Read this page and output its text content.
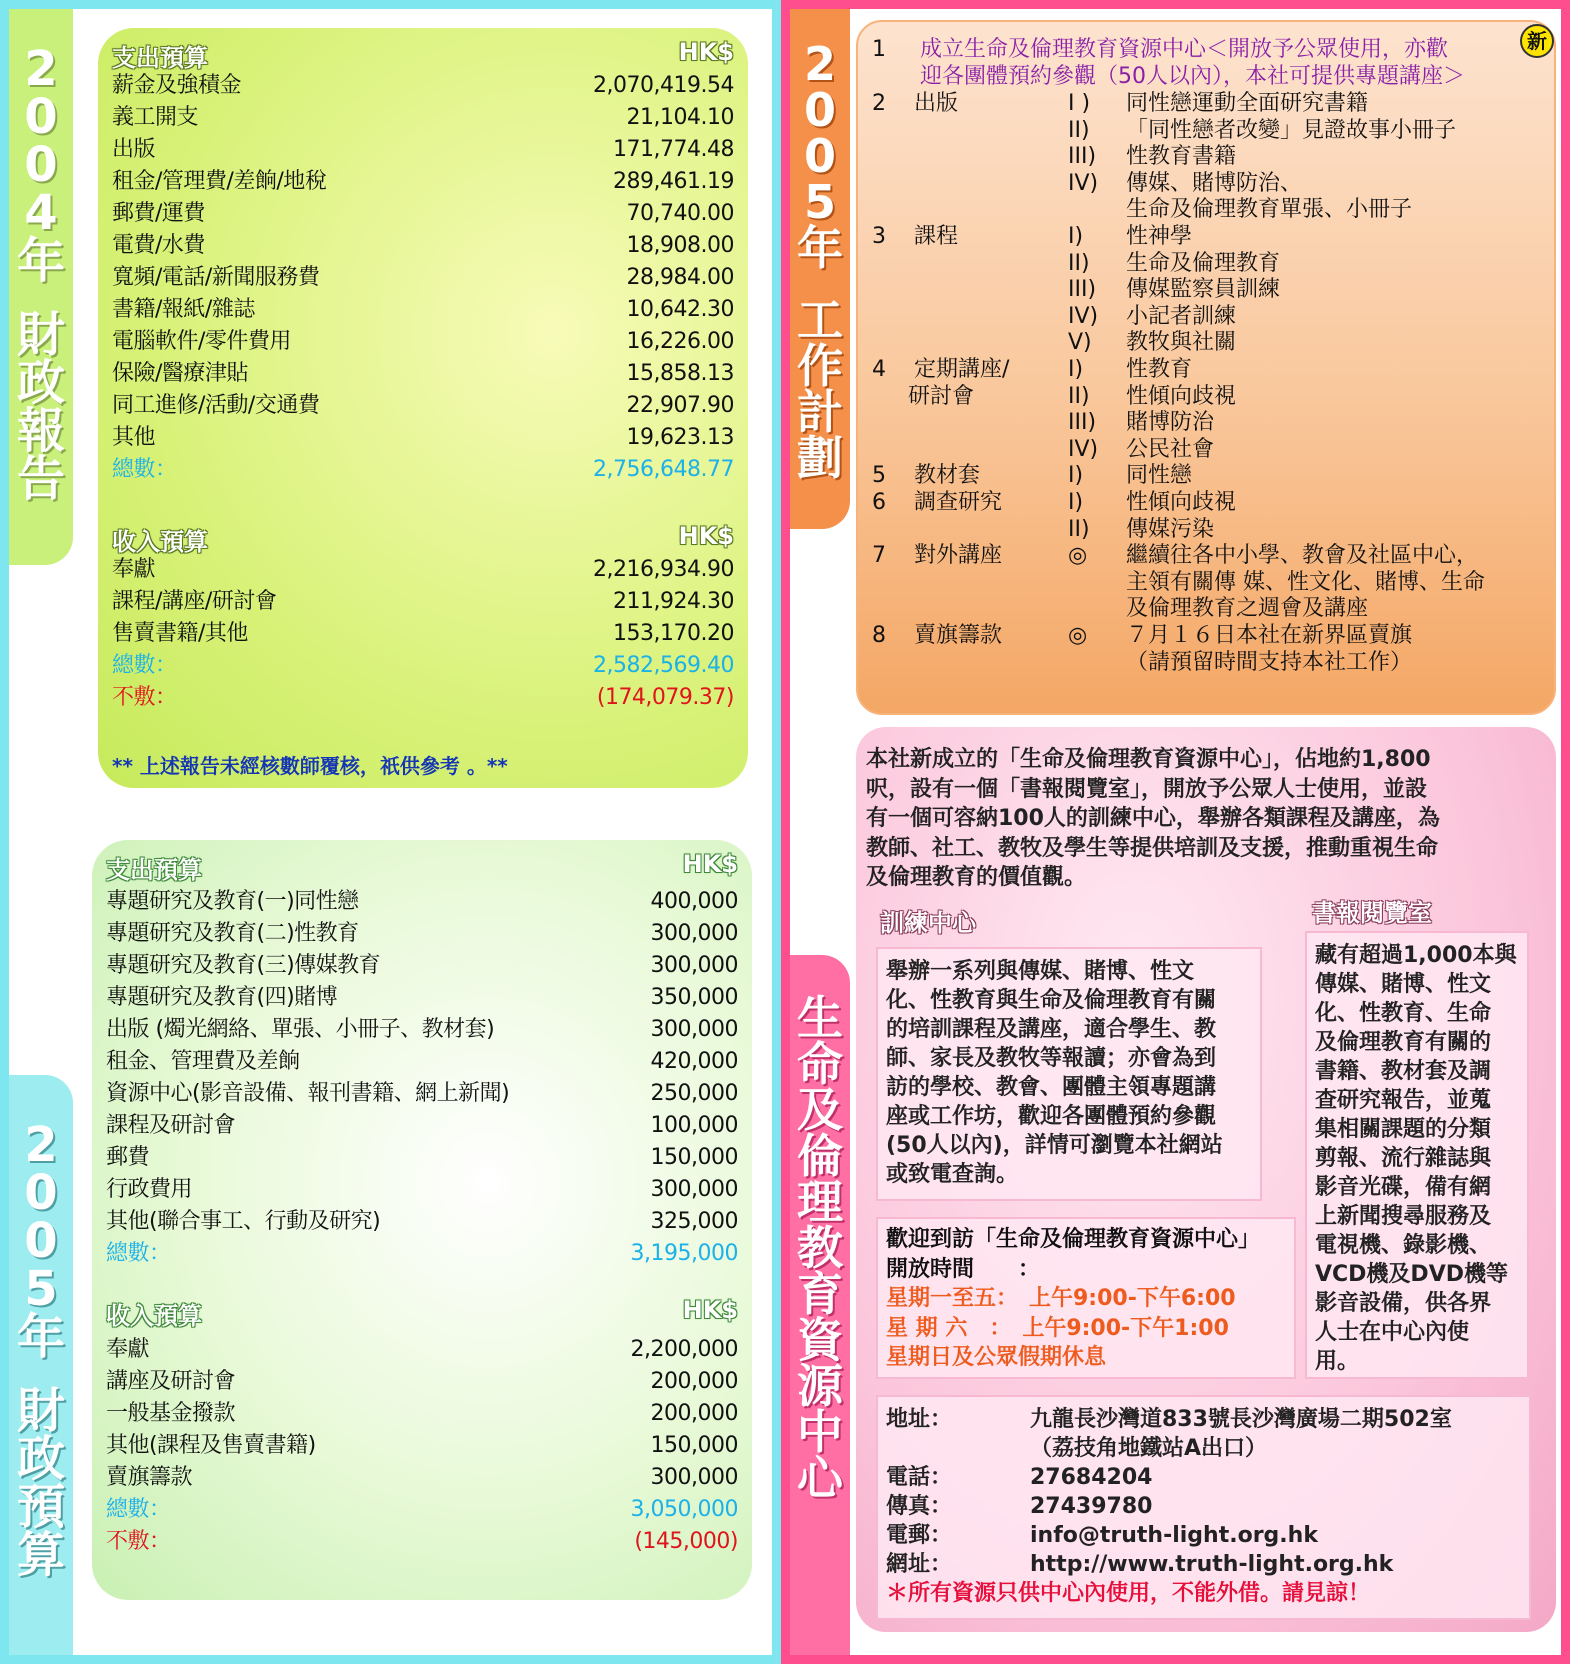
2
0
0
4
年
財
政
報
告
2
0
0
5
年
財
政
預
算
2
0
0
5
年
工
作
計
劃
生
命
及
倫
理
教
育
資
源
中
心
支出預算	HK$
薪金及強積金	2,070,419.54
義工開支	21,104.10
出版	171,774.48
租金/管理費/差餉/地稅	289,461.19
郵費/運費	70,740.00
電費/水費	18,908.00
寬頻/電話/新聞服務費	28,984.00
書籍/報紙/雜誌	10,642.30
電腦軟件/零件費用	16,226.00
保險/醫療津貼	15,858.13
同工進修/活動/交通費	22,907.90
其他	19,623.13
總數：	2,756,648.77
收入預算	HK$
奉獻	2,216,934.90
課程/講座/研討會	211,924.30
售賣書籍/其他	153,170.20
總數：	2,582,569.40
不敷：	(174,079.37)
** 上述報告未經核數師覆核，祇供參考 。**
支出預算	HK$
專題研究及教育(一)同性戀	400,000
專題研究及教育(二)性教育	300,000
專題研究及教育(三)傳媒教育	300,000
專題研究及教育(四)賭博	350,000
出版 (燭光網絡、單張、小冊子、教材套)	300,000
租金、管理費及差餉	420,000
資源中心(影音設備、報刊書籍、網上新聞)	250,000
課程及研討會	100,000
郵費	150,000
行政費用	300,000
其他(聯合事工、行動及研究)	325,000
總數：	3,195,000
收入預算	HK$
奉獻	2,200,000
講座及研討會	200,000
一般基金撥款	200,000
其他(課程及售賣書籍)	150,000
賣旗籌款	300,000
總數：	3,050,000
不敷：	(145,000)
1 成立生命及倫理教育資源中心＜開放予公眾使用，亦歡
迎各團體預約參觀（50人以內），本社可提供專題講座＞
2 出版	I ) 同性戀運動全面研究書籍
II) 「同性戀者改變」見證故事小冊子
III) 性教育書籍
IV) 傳媒、賭博防治、
生命及倫理教育單張、小冊子
3 課程	I) 性神學
II) 生命及倫理教育
III) 傳媒監察員訓練
IV) 小記者訓練
V) 教牧與社關
4 定期講座/	I) 性教育
研討會	II) 性傾向歧視
III) 賭博防治
IV) 公民社會
5 教材套	I) 同性戀
6 調查研究	I) 性傾向歧視
II) 傳媒污染
7 對外講座	◎ 繼續往各中小學、教會及社區中心，
主領有關傳 媒、性文化、賭博、生命
及倫理教育之週會及講座
8 賣旗籌款	◎ ７月１６日本社在新界區賣旗
（請預留時間支持本社工作）
新
本社新成立的「生命及倫理教育資源中心」，佔地約1,800
呎，設有一個「書報閱覽室」，開放予公眾人士使用，並設
有一個可容納100人的訓練中心，舉辦各類課程及講座，為
教師、社工、教牧及學生等提供培訓及支援，推動重視生命
及倫理教育的價值觀。
訓練中心
舉辦一系列與傳媒、賭博、性文
化、性教育與生命及倫理教育有關
的培訓課程及講座，適合學生、教
師、家長及教牧等報讀；亦會為到
訪的學校、教會、團體主領專題講
座或工作坊，歡迎各團體預約參觀
(50人以內)，詳情可瀏覽本社網站
或致電查詢。
書報閱覽室
藏有超過1,000本與
傳媒、賭博、性文
化、性教育、生命
及倫理教育有關的
書籍、教材套及調
查研究報告，並蒐
集相關課題的分類
剪報、流行雜誌與
影音光碟，備有網
上新聞搜尋服務及
電視機、錄影機、
VCD機及DVD機等
影音設備，供各界
人士在中心內使
用。
歡迎到訪「生命及倫理教育資源中心」
開放時間　　：
星期一至五：　上午9:00-下午6:00
星 期 六　：　上午9:00-下午1:00
星期日及公眾假期休息
地址：	九龍長沙灣道833號長沙灣廣場二期502室
（荔技角地鐵站A出口）
電話：	27684204
傳真：	27439780
電郵：	info@truth-light.org.hk
網址：	http://www.truth-light.org.hk
＊所有資源只供中心內使用，不能外借。請見諒！
